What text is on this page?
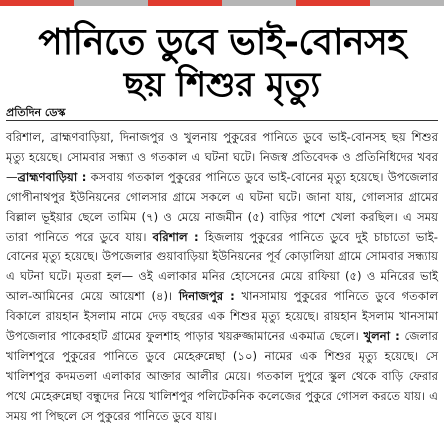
পানিতে ডুবে ভাই-বোনসহ
ছয় শিশুর মৃত্যু
প্রতিদিন ডেস্ক
বরিশাল, ব্রাহ্মণবাড়িয়া, দিনাজপুর ও খুলনায় পুকুরের পানিতে ডুবে ভাই-বোনসহ ছয় শিশুর মৃত্যু হয়েছে। সোমবার সন্ধ্যা ও গতকাল এ ঘটনা ঘটে। নিজস্ব প্রতিবেদক ও প্রতিনিধিদের খবর—ব্রাহ্মণবাড়িয়া : কসবায় গতকাল পুকুরের পানিতে ডুবে ভাই-বোনের মৃত্যু হয়েছে। উপজেলার গোপীনাথপুর ইউনিয়নের গোলসার গ্রামে সকলে এ ঘটনা ঘটে। জানা যায়, গোলসার গ্রামের বিল্লাল ভূইয়ার ছেলে তামিম (৭) ও মেয়ে নাজমীন (৫) বাড়ির পাশে খেলা করছিল। এ সময় তারা পানিতে পরে ডুবে যায়। বরিশাল : হিজলায় পুকুরের পানিতে ডুবে দুই চাচাতো ভাই-বোনের মৃত্যু হয়েছে। উপজেলার গুয়াবাড়িয়া ইউনিয়নের পূর্ব কোড়ালিয়া গ্রামে সোমবার সন্ধ্যায় এ ঘটনা ঘটে। মৃতরা হল— ওই এলাকার মনির হোসেনের মেয়ে রাফিয়া (৫) ও মনিরের ভাই আল-আমিনের মেয়ে আয়েশা (৪)। দিনাজপুর : খানসামায় পুকুরের পানিতে ডুবে গতকাল বিকালে রায়হান ইসলাম নামে দেড় বছরের এক শিশুর মৃত্যু হয়েছে। রায়হান ইসলাম খানসামা উপজেলার পাকেরহাট গ্রামের ফুলশাহ পাড়ার খয়রুজ্জামানের একমাত্র ছেলে। খুলনা : জেলার খালিশপুরে পুকুরের পানিতে ডুবে মেহেরুন্নেছা (১০) নামের এক শিশুর মৃত্যু হয়েছে। সে খালিশপুর কদমতলা এলাকার আক্তার আলীর মেয়ে। গতকাল দুপুরে স্কুল থেকে বাড়ি ফেরার পথে মেহেরুন্নেছা বন্ধুদের নিয়ে খালিশপুর পলিটেকনিক কলেজের পুকুরে গোসল করতে যায়। এ সময় পা পিছলে সে পুকুরের পানিতে ডুবে যায়।
